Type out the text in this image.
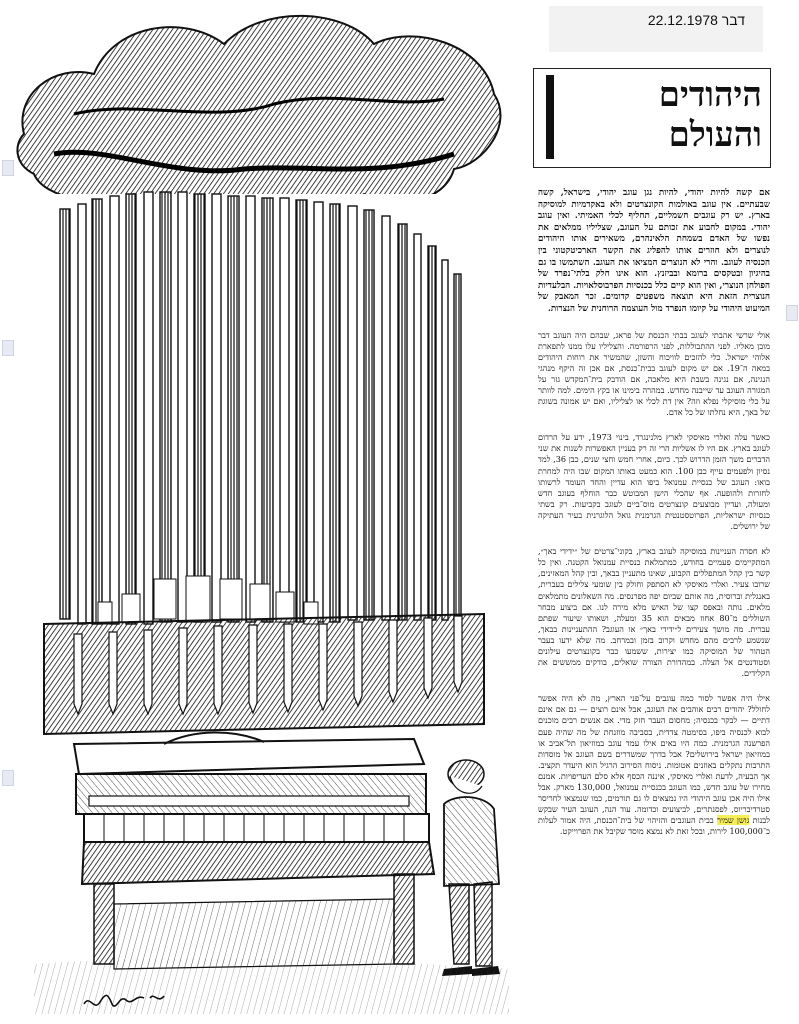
דבר 22.12.1978
היהודים
והעולם

אם קשה להיות יהודי, להיות נגן עוגב יהודי, בישראל, קשה שבעתיים. אין עוגב באולמות הקונצרטים ולא באקדמיות למוסיקה בארץ. יש רק עוגבים חשמליים, תחליף לכלי האמיתי. ואין עוגב יהודי. במקום לחבוע את זכותם על העוגב, שצליליו ממלאים את נפשו של האדם בשמחת הלאינהרם, משאירים אותו היהודים לנוצרים ולא חוזרים אותו להפליג את הקשר הארכיטקטוני בין הכנסיה לעוגב. והרי לא הנוצרים המציאו את העוגב. השתמשו בו גם בהיגיון ובטקסים ברומא ובביזנץ. הוא אינו חלק בלתי־נפרד של הפולחן הנוצרי, ואין הוא קיים כלל בכנסיות הפרבוסלאויות. הבלעדיות הנוצרית הזאת היא תוצאה משפטים קדומים. זכר המאבק של המיעוט היהודי על קיומו הנפרד מול העוצמה הרוחנית של הנצרות.

אולי שרשי אהבתי לעוגב בבתי הכנסת של פראג, שבהם היה העוגב דבר מובן מאליו. לפני ההתבוללות, לפני הרפורמה. והצליליו עלו ממנו לתפארת אלוהי ישראל. כלי להזכים לוויכוח והשזן, שהמשיר את רוחות היהודים במאה ה־19. אם יש מקום לעוגב בבית־כנסת, אם אכן זה היקף מנהגי הנגינה, אם נגינה בשבת היא מלאכה, אם הודבק בית־המקדש גזר על המגורה העוגב עד שייבנה מחדש. במהרה בימינו או בקץ הימים. למה לוותר על כלי מוסיקלי נפלא וזה? אין דת לכלי או לצליליו, ואם יש אמונה בשוגת של באך, היא נחלתו של כל אדם.

כאשר עלה ואלרי מאיסקי לארץ מלנינגרד, בינוי 1973, ידע על הרדום לעוגב בארץ. אם היו לו אשליות הרי זה רק בעניין האפשרות לשנות את שני הדברים משך הזמן הדרוש לכך. כיום, אחרי חמש וחצי שנים, כבן 36, למד נסיון ולפעמים עייף כבן 100. הוא כמעט באותו המקום שבו היה למחרת בואו: העוגב של כנסיית עמנואל ביפו הוא עדיין והחד העומד לרשותו לחזרות ולהופעה. אף שהכלי הישן המבוטש כבר הוחלף בעוגב חדש ומעולה, ועדיין מבוצעים קונצרטים מוס־ביים לעוגב בקביעות. רק בשתי כנסיות ישראליות, הפרוטסטנטית הגרמנית גואל הלוגרנית בעיר העתיקה של ירושלים.

לא חסרה העניינות במוסיקה לעוגב בארץ, בקוני־צרטים של ״ידידי באך״, המתקיימים פעמיים בחודש, כמתמלאת כנסיית עמנואל הקטנה. ואין כל קשר בין קהל המתפללים הקבוע, שאינו מתעניין בבאך, ובין קהל המאזינים, שרובו צעיר. ואלרי מאיסקי לא הסתפק וחולק בין שומעי צלילים בעברית, באנגלית וברוסית, מה אותם שביום יפה מפרנסים. מה השאלונים מתמלאים מלאים. נותה ובאפס קצו של האיש מלא מירה לנו. אם ביצוע מבחר השוללים מ־80 אחוז מבאים הוא 35 ומעלה, ושאותו שיעור שפתם עברית. מה מושך צעירים ל״ידידי באך״ או העוגב? ההתעניינות בבאך, שנשמע לרבים מהם מחדש וקרוב בזמן ובמרחב. מה שלא ידעו בעבר הטהור של המוסיקה כמו יצירות, ששמעו כבר בקונצרטים עילונים וסטודנטים אל הצלה. במהדורת הצורה שואלים, בודקים ממששים את הקלידים.

אילו היה אפשר לסור כמה עוגבים על־פני הארץ, מה לא היה אפשר לחולל? יהודים רבים אוהבים את העוגב, אבל אינם רוצים — גם אם אינם דתיים — לבקר בכנסיה; מחסום העבר חזק מדי. אם אנשים רבים מוכנים לבוא לכנסיה ביפו, בסימטה צדדית, בסביבה מוזנחת של מה שהיה פעם הפרשנה הגרמנית. כמה היו באים אילו עמד עוגב במוזיאון תל־אביב או במוזיאון ישראל בירושלים? אבל בדרך שמשדרים בשם העוגב אל מוסדות התרבות נתקלים באוזנים אטומות. ניסוח הסירוב הרגיל הוא היעדר תקציב. אך הבעיה, לדעת ואלרי מאיסקי, איננה הכסף אלא סלם העדיפויות. אמנם מחירו של עוגב חדש, כמו העוגב בכנסיית עמנואל, 130,000 מארק. אבל אילו היה אכן עוגב היהודי היו נמצאים לו גם תורמים, כמו שנמצאו לחריסר סטרדיבריוס, לפסנתרים, לביצועים וכדומה. עוד הנה, העוגב העיר שבקש לבנות גושן שמיר בבית העוגבים והזיהוי של בית־הכנסת, היה אמור לעלות כ־100,000 לירות, ובכל זאת לא נמצא מוסד שקיבל את הפרוייקט.
